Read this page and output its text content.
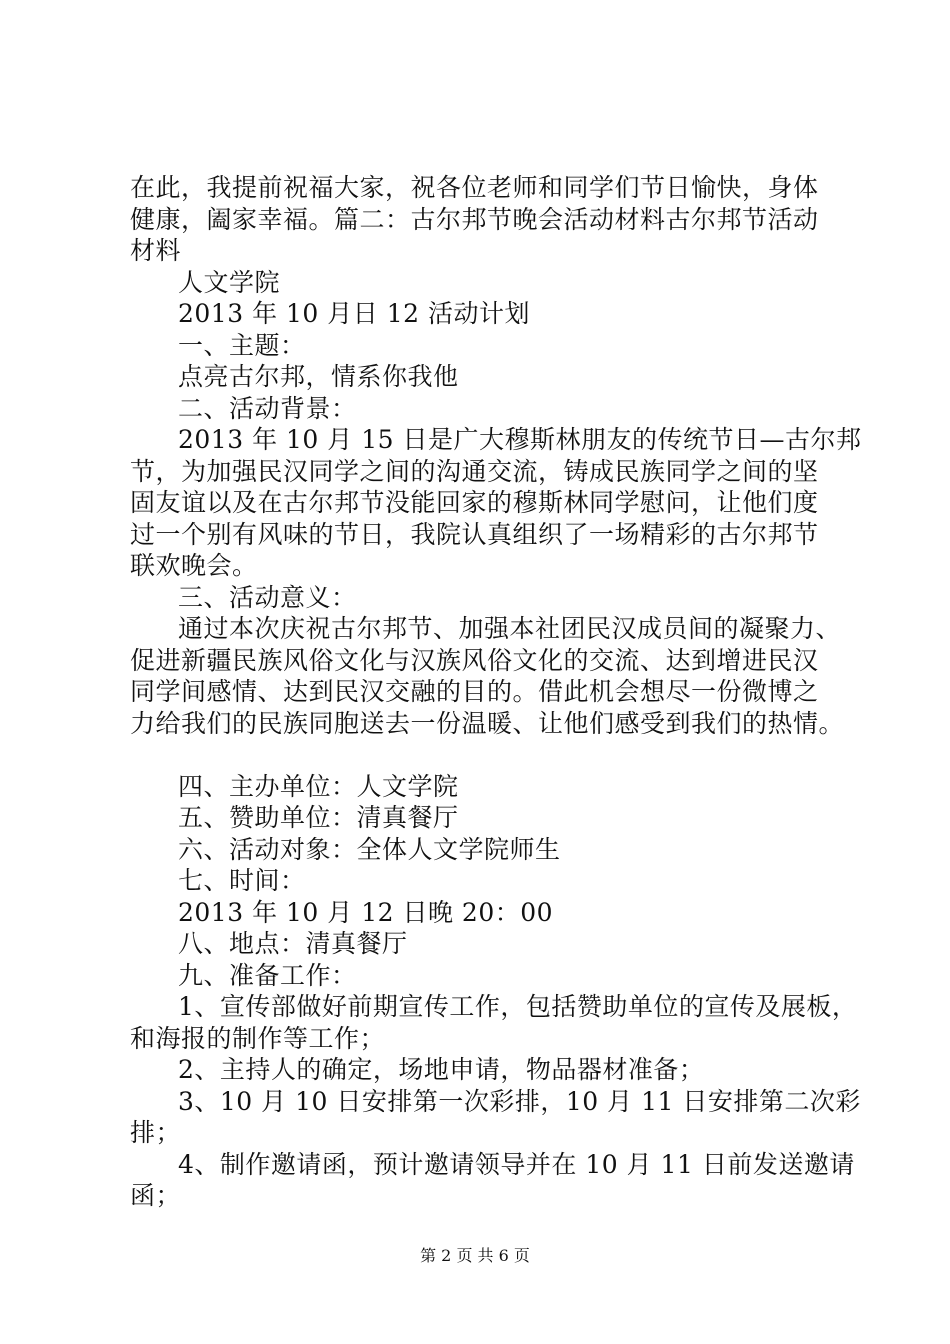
在此，我提前祝福大家，祝各位老师和同学们节日愉快，身体
健康，阖家幸福。篇二：古尔邦节晚会活动材料古尔邦节活动
材料
人文学院
2013 年 10 月日 12 活动计划
一、主题：
点亮古尔邦，情系你我他
二、活动背景：
2013 年 10 月 15 日是广大穆斯林朋友的传统节日—古尔邦
节，为加强民汉同学之间的沟通交流，铸成民族同学之间的坚
固友谊以及在古尔邦节没能回家的穆斯林同学慰问，让他们度
过一个别有风味的节日，我院认真组织了一场精彩的古尔邦节
联欢晚会。
三、活动意义：
通过本次庆祝古尔邦节、加强本社团民汉成员间的凝聚力、
促进新疆民族风俗文化与汉族风俗文化的交流、达到增进民汉
同学间感情、达到民汉交融的目的。借此机会想尽一份微博之
力给我们的民族同胞送去一份温暖、让他们感受到我们的热情。
四、主办单位：人文学院
五、赞助单位：清真餐厅
六、活动对象：全体人文学院师生
七、时间：
2013 年 10 月 12 日晚 20：00
八、地点：清真餐厅
九、准备工作：
1、宣传部做好前期宣传工作，包括赞助单位的宣传及展板，
和海报的制作等工作；
2、主持人的确定，场地申请，物品器材准备；
3、10 月 10 日安排第一次彩排，10 月 11 日安排第二次彩
排；
4、制作邀请函，预计邀请领导并在 10 月 11 日前发送邀请
函；
第 2 页 共 6 页
